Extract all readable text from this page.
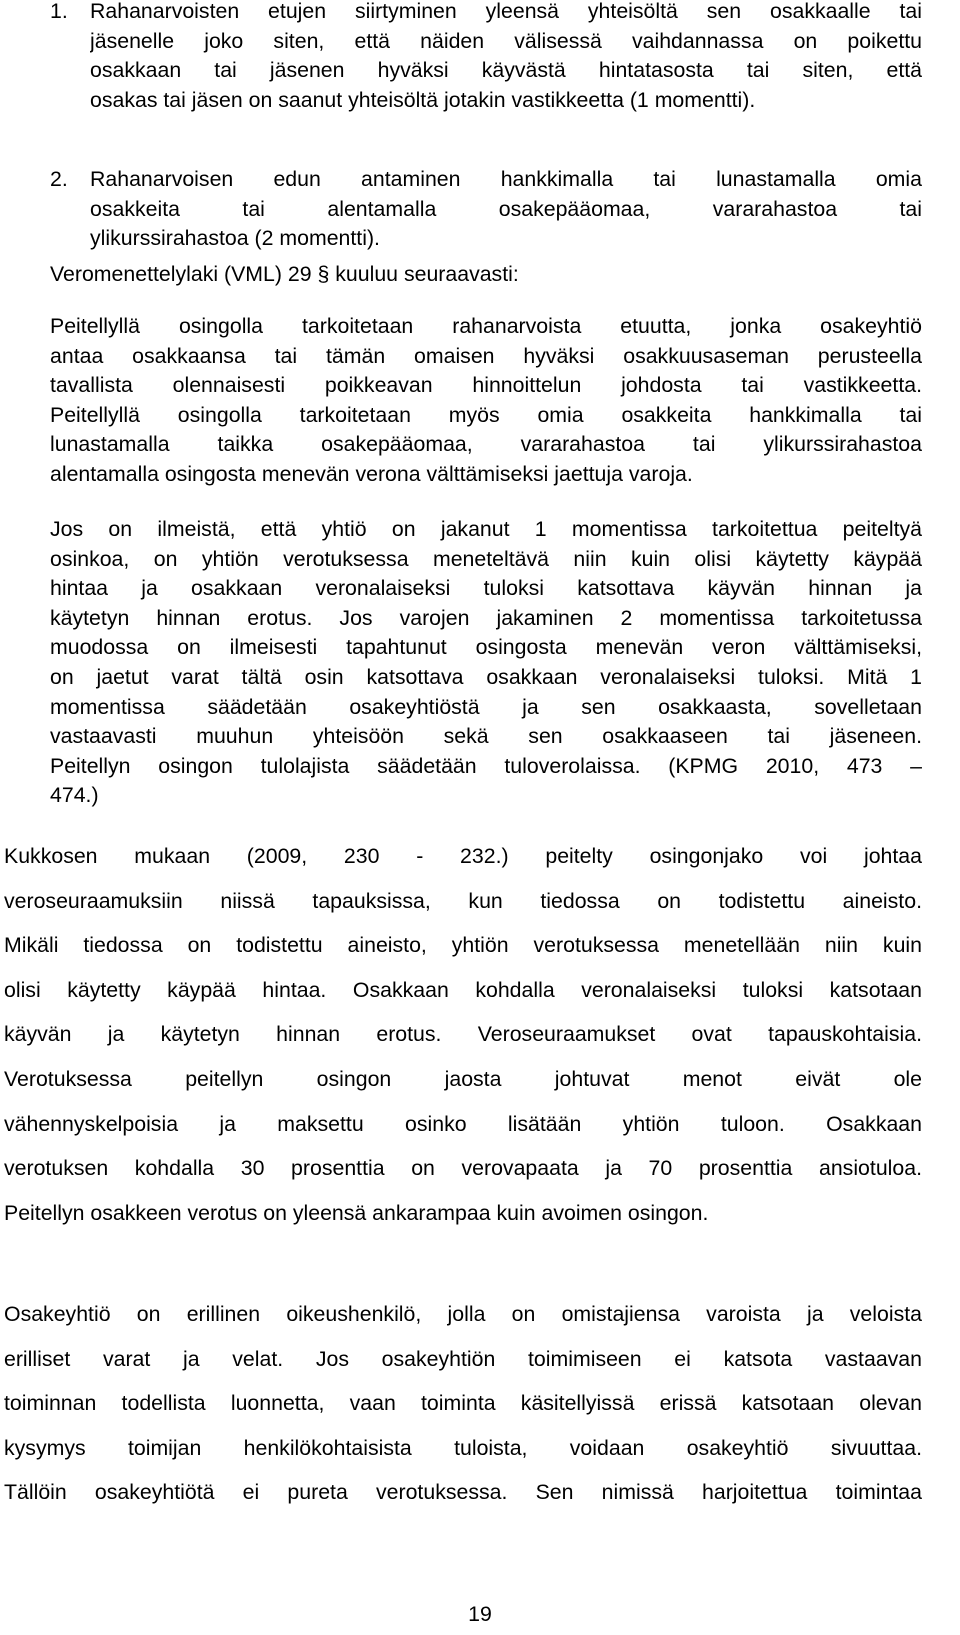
1. Rahanarvoisten etujen siirtyminen yleensä yhteisöltä sen osakkaalle tai
jäsenelle joko siten, että näiden välisessä vaihdannassa on poikettu
osakkaan tai jäsenen hyväksi käyvästä hintatasosta tai siten, että
osakas tai jäsen on saanut yhteisöltä jotakin vastikkeetta (1 momentti).
2. Rahanarvoisen edun antaminen hankkimalla tai lunastamalla omia
osakkeita tai alentamalla osakepääomaa, vararahastoa tai
ylikurssirahastoa (2 momentti).
Veromenettelylaki (VML) 29 § kuuluu seuraavasti:
Peitellyllä osingolla tarkoitetaan rahanarvoista etuutta, jonka osakeyhtiö
antaa osakkaansa tai tämän omaisen hyväksi osakkuusaseman perusteella
tavallista olennaisesti poikkeavan hinnoittelun johdosta tai vastikkeetta.
Peitellyllä osingolla tarkoitetaan myös omia osakkeita hankkimalla tai
lunastamalla taikka osakepääomaa, vararahastoa tai ylikurssirahastoa
alentamalla osingosta menevän verona välttämiseksi jaettuja varoja.
Jos on ilmeistä, että yhtiö on jakanut 1 momentissa tarkoitettua peiteltyä
osinkoa, on yhtiön verotuksessa meneteltävä niin kuin olisi käytetty käypää
hintaa ja osakkaan veronalaiseksi tuloksi katsottava käyvän hinnan ja
käytetyn hinnan erotus. Jos varojen jakaminen 2 momentissa tarkoitetussa
muodossa on ilmeisesti tapahtunut osingosta menevän veron välttämiseksi,
on jaetut varat tältä osin katsottava osakkaan veronalaiseksi tuloksi. Mitä 1
momentissa säädetään osakeyhtiöstä ja sen osakkaasta, sovelletaan
vastaavasti muuhun yhteisöön sekä sen osakkaaseen tai jäseneen.
Peitellyn osingon tulolajista säädetään tuloverolaissa. (KPMG 2010, 473 –
474.)
Kukkosen mukaan (2009, 230 - 232.) peitelty osingonjako voi johtaa
veroseuraamuksiin niissä tapauksissa, kun tiedossa on todistettu aineisto.
Mikäli tiedossa on todistettu aineisto, yhtiön verotuksessa menetellään niin kuin
olisi käytetty käypää hintaa. Osakkaan kohdalla veronalaiseksi tuloksi katsotaan
käyvän ja käytetyn hinnan erotus. Veroseuraamukset ovat tapauskohtaisia.
Verotuksessa peitellyn osingon jaosta johtuvat menot eivät ole
vähennyskelpoisia ja maksettu osinko lisätään yhtiön tuloon. Osakkaan
verotuksen kohdalla 30 prosenttia on verovapaata ja 70 prosenttia ansiotuloa.
Peitellyn osakkeen verotus on yleensä ankarampaa kuin avoimen osingon.
Osakeyhtiö on erillinen oikeushenkilö, jolla on omistajiensa varoista ja veloista
erilliset varat ja velat. Jos osakeyhtiön toimimiseen ei katsota vastaavan
toiminnan todellista luonnetta, vaan toiminta käsitellyissä erissä katsotaan olevan
kysymys toimijan henkilökohtaisista tuloista, voidaan osakeyhtiö sivuuttaa.
Tällöin osakeyhtiötä ei pureta verotuksessa. Sen nimissä harjoitettua toimintaa
19
